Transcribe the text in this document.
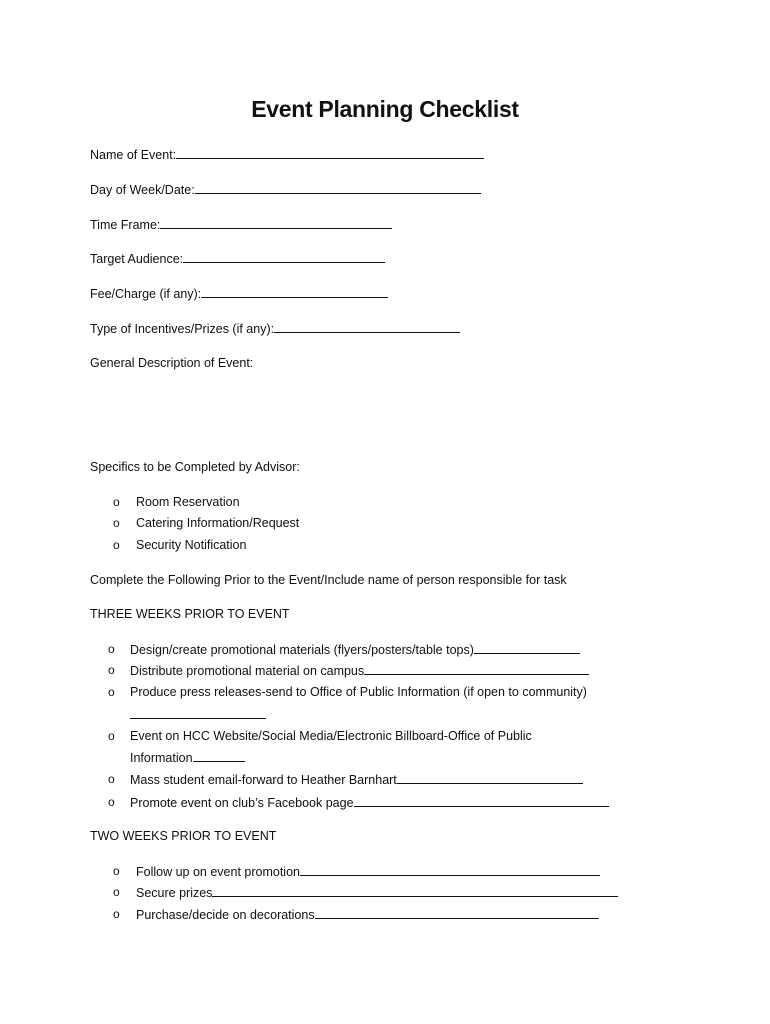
Event Planning Checklist
Name of Event:
Day of Week/Date:
Time Frame:
Target Audience:
Fee/Charge (if any):
Type of Incentives/Prizes (if any):
General Description of Event:
Specifics to be Completed by Advisor:
o Room Reservation
o Catering Information/Request
o Security Notification
Complete the Following Prior to the Event/Include name of person responsible for task
THREE WEEKS PRIOR TO EVENT
o Design/create promotional materials (flyers/posters/table tops)
o Distribute promotional material on campus
o Produce press releases-send to Office of Public Information (if open to community)
o Event on HCC Website/Social Media/Electronic Billboard-Office of Public
Information
o Mass student email-forward to Heather Barnhart
o Promote event on club’s Facebook page
TWO WEEKS PRIOR TO EVENT
o Follow up on event promotion
o Secure prizes
o Purchase/decide on decorations
